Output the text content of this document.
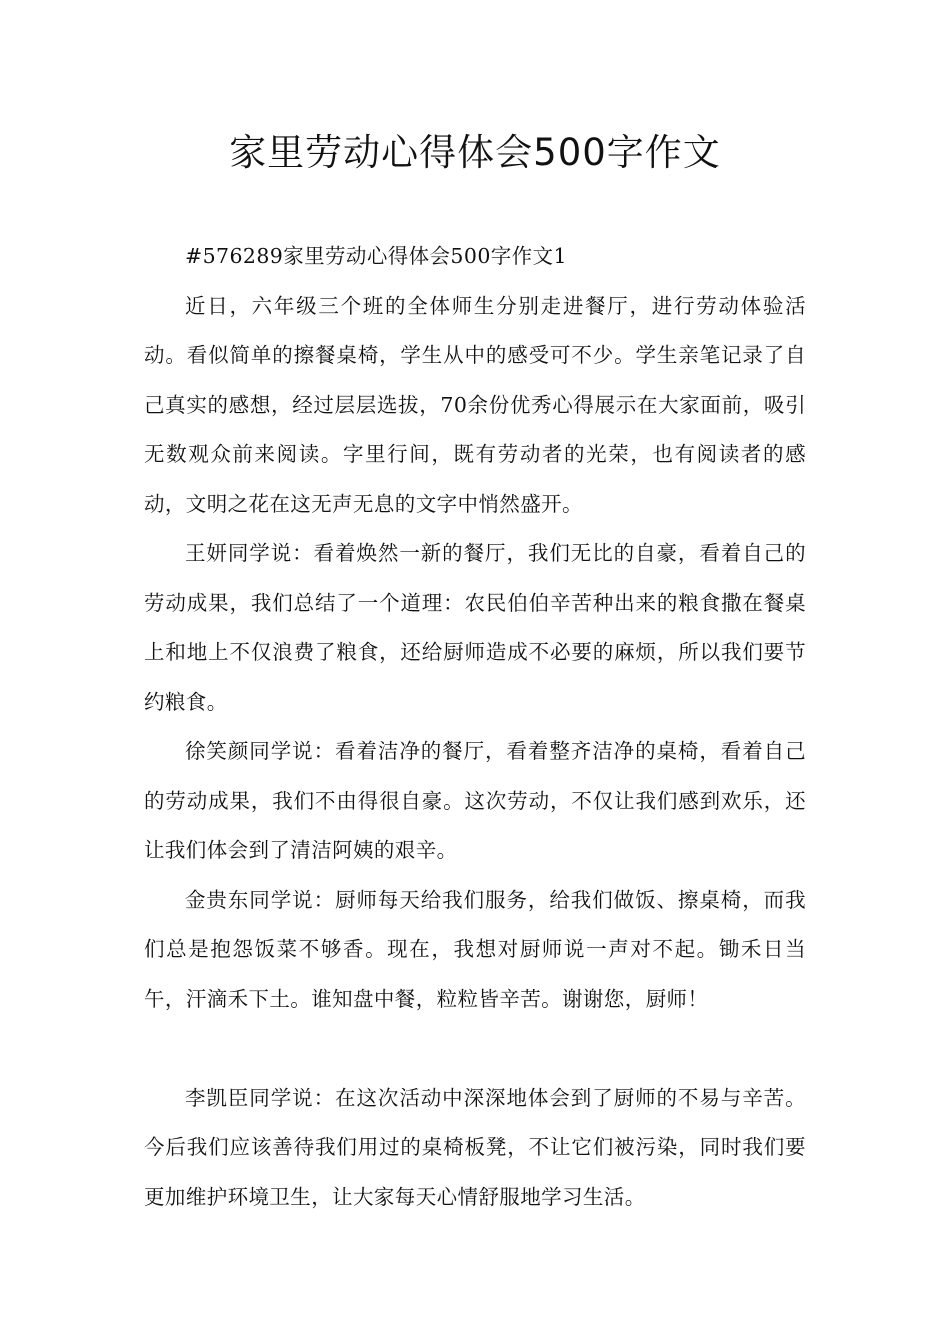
家里劳动心得体会500字作文

#576289家里劳动心得体会500字作文1

近日，六年级三个班的全体师生分别走进餐厅，进行劳动体验活动。看似简单的擦餐桌椅，学生从中的感受可不少。学生亲笔记录了自己真实的感想，经过层层选拔，70余份优秀心得展示在大家面前，吸引无数观众前来阅读。字里行间，既有劳动者的光荣，也有阅读者的感动，文明之花在这无声无息的文字中悄然盛开。

王妍同学说：看着焕然一新的餐厅，我们无比的自豪，看着自己的劳动成果，我们总结了一个道理：农民伯伯辛苦种出来的粮食撒在餐桌上和地上不仅浪费了粮食，还给厨师造成不必要的麻烦，所以我们要节约粮食。

徐笑颜同学说：看着洁净的餐厅，看着整齐洁净的桌椅，看着自己的劳动成果，我们不由得很自豪。这次劳动，不仅让我们感到欢乐，还让我们体会到了清洁阿姨的艰辛。

金贵东同学说：厨师每天给我们服务，给我们做饭、擦桌椅，而我们总是抱怨饭菜不够香。现在，我想对厨师说一声对不起。锄禾日当午，汗滴禾下土。谁知盘中餐，粒粒皆辛苦。谢谢您，厨师！

李凯臣同学说：在这次活动中深深地体会到了厨师的不易与辛苦。今后我们应该善待我们用过的桌椅板凳，不让它们被污染，同时我们要更加维护环境卫生，让大家每天心情舒服地学习生活。
